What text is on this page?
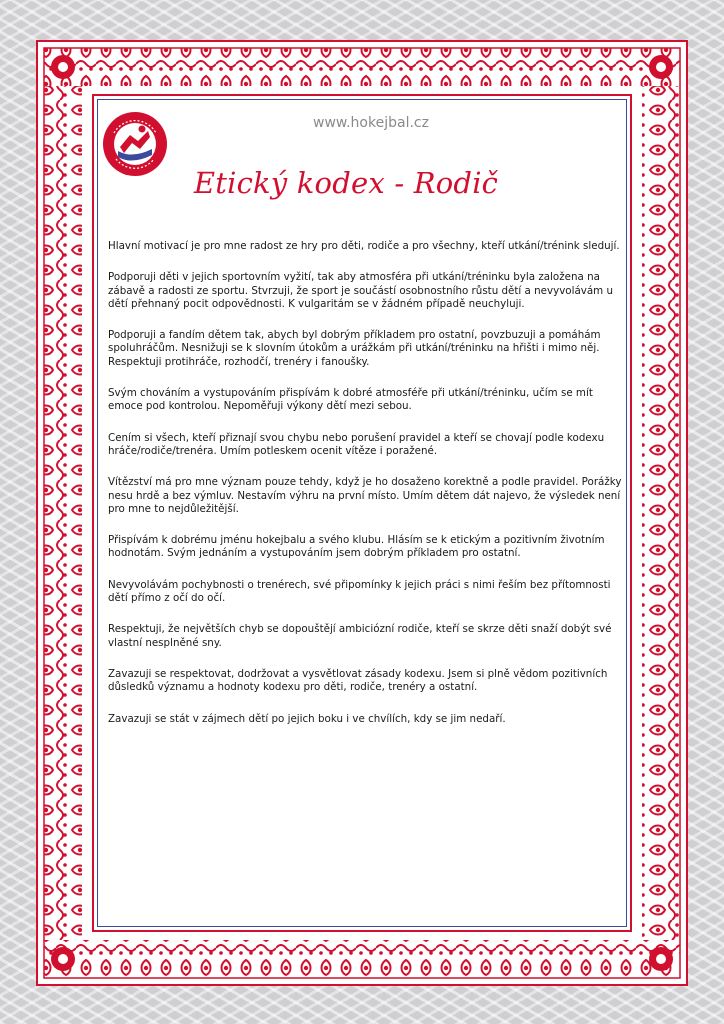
www.hokejbal.cz
Etický kodex - Rodič

Hlavní motivací je pro mne radost ze hry pro děti, rodiče a pro všechny, kteří utkání/trénink sledují.

Podporuji děti v jejich sportovním vyžití, tak aby atmosféra při utkání/tréninku byla založena na zábavě a radosti ze sportu. Stvrzuji, že sport je součástí osobnostního růstu dětí a nevyvolávám u dětí přehnaný pocit odpovědnosti. K vulgaritám se v žádném případě neuchyluji.

Podporuji a fandím dětem tak, abych byl dobrým příkladem pro ostatní, povzbuzuji a pomáhám spoluhráčům. Nesnižuji se k slovním útokům a urážkám při utkání/tréninku na hřišti i mimo něj. Respektuji protihráče, rozhodčí, trenéry i fanoušky.

Svým chováním a vystupováním přispívám k dobré atmosféře při utkání/tréninku, učím se mít emoce pod kontrolou. Nepoměřuji výkony dětí mezi sebou.

Cením si všech, kteří přiznají svou chybu nebo porušení pravidel a kteří se chovají podle kodexu hráče/rodiče/trenéra. Umím potleskem ocenit vítěze i poražené.

Vítězství má pro mne význam pouze tehdy, když je ho dosaženo korektně a podle pravidel. Porážky nesu hrdě a bez výmluv. Nestavím výhru na první místo. Umím dětem dát najevo, že výsledek není pro mne to nejdůležitější.

Přispívám k dobrému jménu hokejbalu a svého klubu. Hlásím se k etickým a pozitivním životním hodnotám. Svým jednáním a vystupováním jsem dobrým příkladem pro ostatní.

Nevyvolávám pochybnosti o trenérech, své připomínky k jejich práci s nimi řeším bez přítomnosti dětí přímo z očí do očí.

Respektuji, že největších chyb se dopouštějí ambiciózní rodiče, kteří se skrze děti snaží dobýt své vlastní nesplněné sny.

Zavazuji se respektovat, dodržovat a vysvětlovat zásady kodexu. Jsem si plně vědom pozitivních důsledků významu a hodnoty kodexu pro děti, rodiče, trenéry a ostatní.

Zavazuji se stát v zájmech dětí po jejich boku i ve chvílích, kdy se jim nedaří.
